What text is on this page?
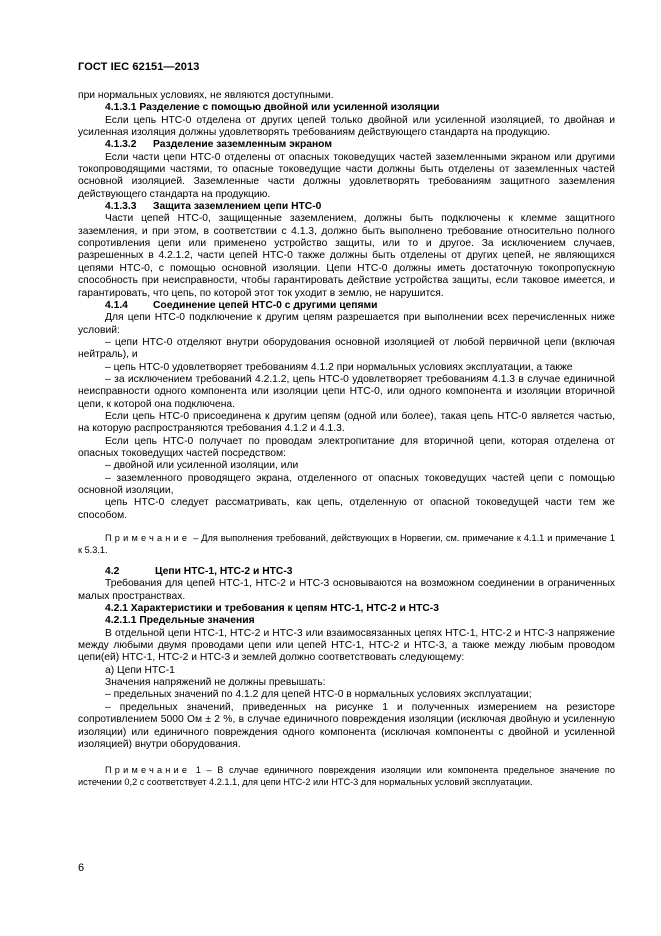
ГОСТ IEC 62151—2013

при нормальных условиях, не являются доступными.

4.1.3.1 Разделение с помощью двойной или усиленной изоляции

Если цепь НТС-0 отделена от других цепей только двойной или усиленной изоляцией, то двойная и усиленная изоляция должны удовлетворять требованиям действующего стандарта на продукцию.

4.1.3.2 Разделение заземленным экраном

Если части цепи НТС-0 отделены от опасных токоведущих частей заземленными экраном или другими токопроводящими частями, то опасные токоведущие части должны быть отделены от заземленных частей основной изоляцией. Заземленные части должны удовлетворять требованиям защитного заземления действующего стандарта на продукцию.

4.1.3.3 Защита заземлением цепи НТС-0

Части цепей НТС-0, защищенные заземлением, должны быть подключены к клемме защитного заземления, и при этом, в соответствии с 4.1.3, должно быть выполнено требование относительно полного сопротивления цепи или применено устройство защиты, или то и другое. За исключением случаев, разрешенных в 4.2.1.2, части цепей НТС-0 также должны быть отделены от других цепей, не являющихся цепями НТС-0, с помощью основной изоляции. Цепи НТС-0 должны иметь достаточную токопропускную способность при неисправности, чтобы гарантировать действие устройства защиты, если таковое имеется, и гарантировать, что цепь, по которой этот ток уходит в землю, не нарушится.

4.1.4 Соединение цепей НТС-0 с другими цепями

Для цепи НТС-0 подключение к другим цепям разрешается при выполнении всех перечисленных ниже условий:

– цепи НТС-0 отделяют внутри оборудования основной изоляцией от любой первичной цепи (включая нейтраль), и

– цепь НТС-0 удовлетворяет требованиям 4.1.2 при нормальных условиях эксплуатации, а также

– за исключением требований 4.2.1.2, цепь НТС-0 удовлетворяет требованиям 4.1.3 в случае единичной неисправности одного компонента или изоляции цепи НТС-0, или одного компонента и изоляции вторичной цепи, к которой она подключена.

Если цепь НТС-0 присоединена к другим цепям (одной или более), такая цепь НТС-0 является частью, на которую распространяются требования 4.1.2 и 4.1.3.

Если цепь НТС-0 получает по проводам электропитание для вторичной цепи, которая отделена от опасных токоведущих частей посредством:

– двойной или усиленной изоляции, или

– заземленного проводящего экрана, отделенного от опасных токоведущих частей цепи с помощью основной изоляции,

цепь НТС-0 следует рассматривать, как цепь, отделенную от опасной токоведущей части тем же способом.

Примечание – Для выполнения требований, действующих в Норвегии, см. примечание к 4.1.1 и примечание 1 к 5.3.1.

4.2	Цепи НТС-1, НТС-2 и НТС-3

Требования для цепей НТС-1, НТС-2 и НТС-3 основываются на возможном соединении в ограниченных малых пространствах.

4.2.1 Характеристики и требования к цепям НТС-1, НТС-2 и НТС-3

4.2.1.1 Предельные значения

В отдельной цепи НТС-1, НТС-2 и НТС-3 или взаимосвязанных цепях НТС-1, НТС-2 и НТС-3 напряжение между любыми двумя проводами цепи или цепей НТС-1, НТС-2 и НТС-3, а также между любым проводом цепи(ей) НТС-1, НТС-2 и НТС-3 и землей должно соответствовать следующему:

a) Цепи НТС-1

Значения напряжений не должны превышать:

– предельных значений по 4.1.2 для цепей НТС-0 в нормальных условиях эксплуатации;

– предельных значений, приведенных на рисунке 1 и полученных измерением на резисторе сопротивлением 5000 Ом ± 2 %, в случае единичного повреждения изоляции (исключая двойную и усиленную изоляции) или единичного повреждения одного компонента (исключая компоненты с двойной и усиленной изоляцией) внутри оборудования.

Примечание 1 – В случае единичного повреждения изоляции или компонента предельное значение по истечении 0,2 с соответствует 4.2.1.1, для цепи НТС-2 или НТС-3 для нормальных условий эксплуатации.

6
